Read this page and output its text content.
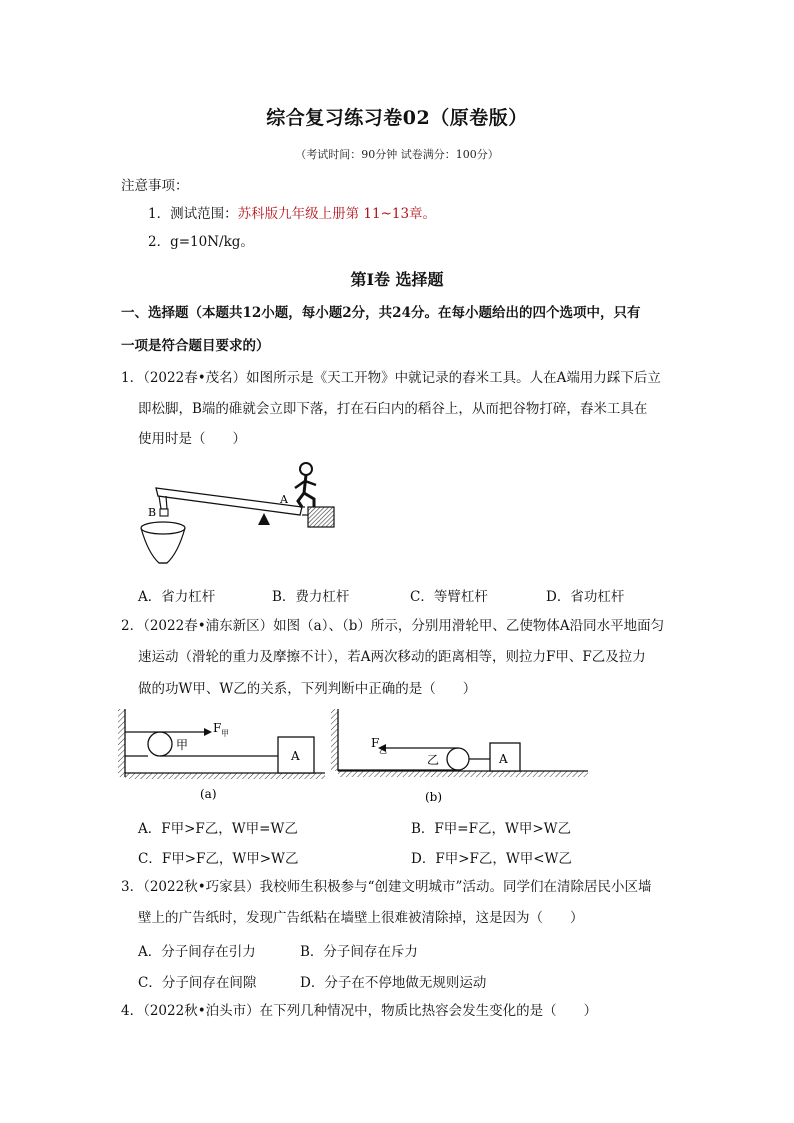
综合复习练习卷02（原卷版）
（考试时间：90分钟 试卷满分：100分）
注意事项：
1．测试范围：苏科版九年级上册第 11~13章。
2．g=10N/kg。
第Ⅰ卷 选择题
一、选择题（本题共12小题，每小题2分，共24分。在每小题给出的四个选项中，只有
一项是符合题目要求的）
1．（2022春•茂名）如图所示是《天工开物》中就记录的舂米工具。人在A端用力踩下后立
即松脚，B端的碓就会立即下落，打在石臼内的稻谷上，从而把谷物打碎，舂米工具在
使用时是（　　）
A
B
A．省力杠杆	B．费力杠杆	C．等臂杠杆	D．省功杠杆
2．（2022春•浦东新区）如图（a）、（b）所示，分别用滑轮甲、乙使物体A沿同水平地面匀
速运动（滑轮的重力及摩擦不计），若A两次移动的距离相等，则拉力F甲、F乙及拉力
做的功W甲、W乙的关系，下列判断中正确的是（　　）
A
甲
F 甲
(a)
A
乙
F
乙
(b)
A．F甲>F乙，W甲=W乙	B．F甲=F乙，W甲>W乙
C．F甲>F乙，W甲>W乙	D．F甲>F乙，W甲<W乙
3．（2022秋•巧家县）我校师生积极参与“创建文明城市”活动。同学们在清除居民小区墙
壁上的广告纸时，发现广告纸粘在墙壁上很难被清除掉，这是因为（　　）
A．分子间存在引力	B．分子间存在斥力
C．分子间存在间隙	D．分子在不停地做无规则运动
4．（2022秋•泊头市）在下列几种情况中，物质比热容会发生变化的是（　　）
